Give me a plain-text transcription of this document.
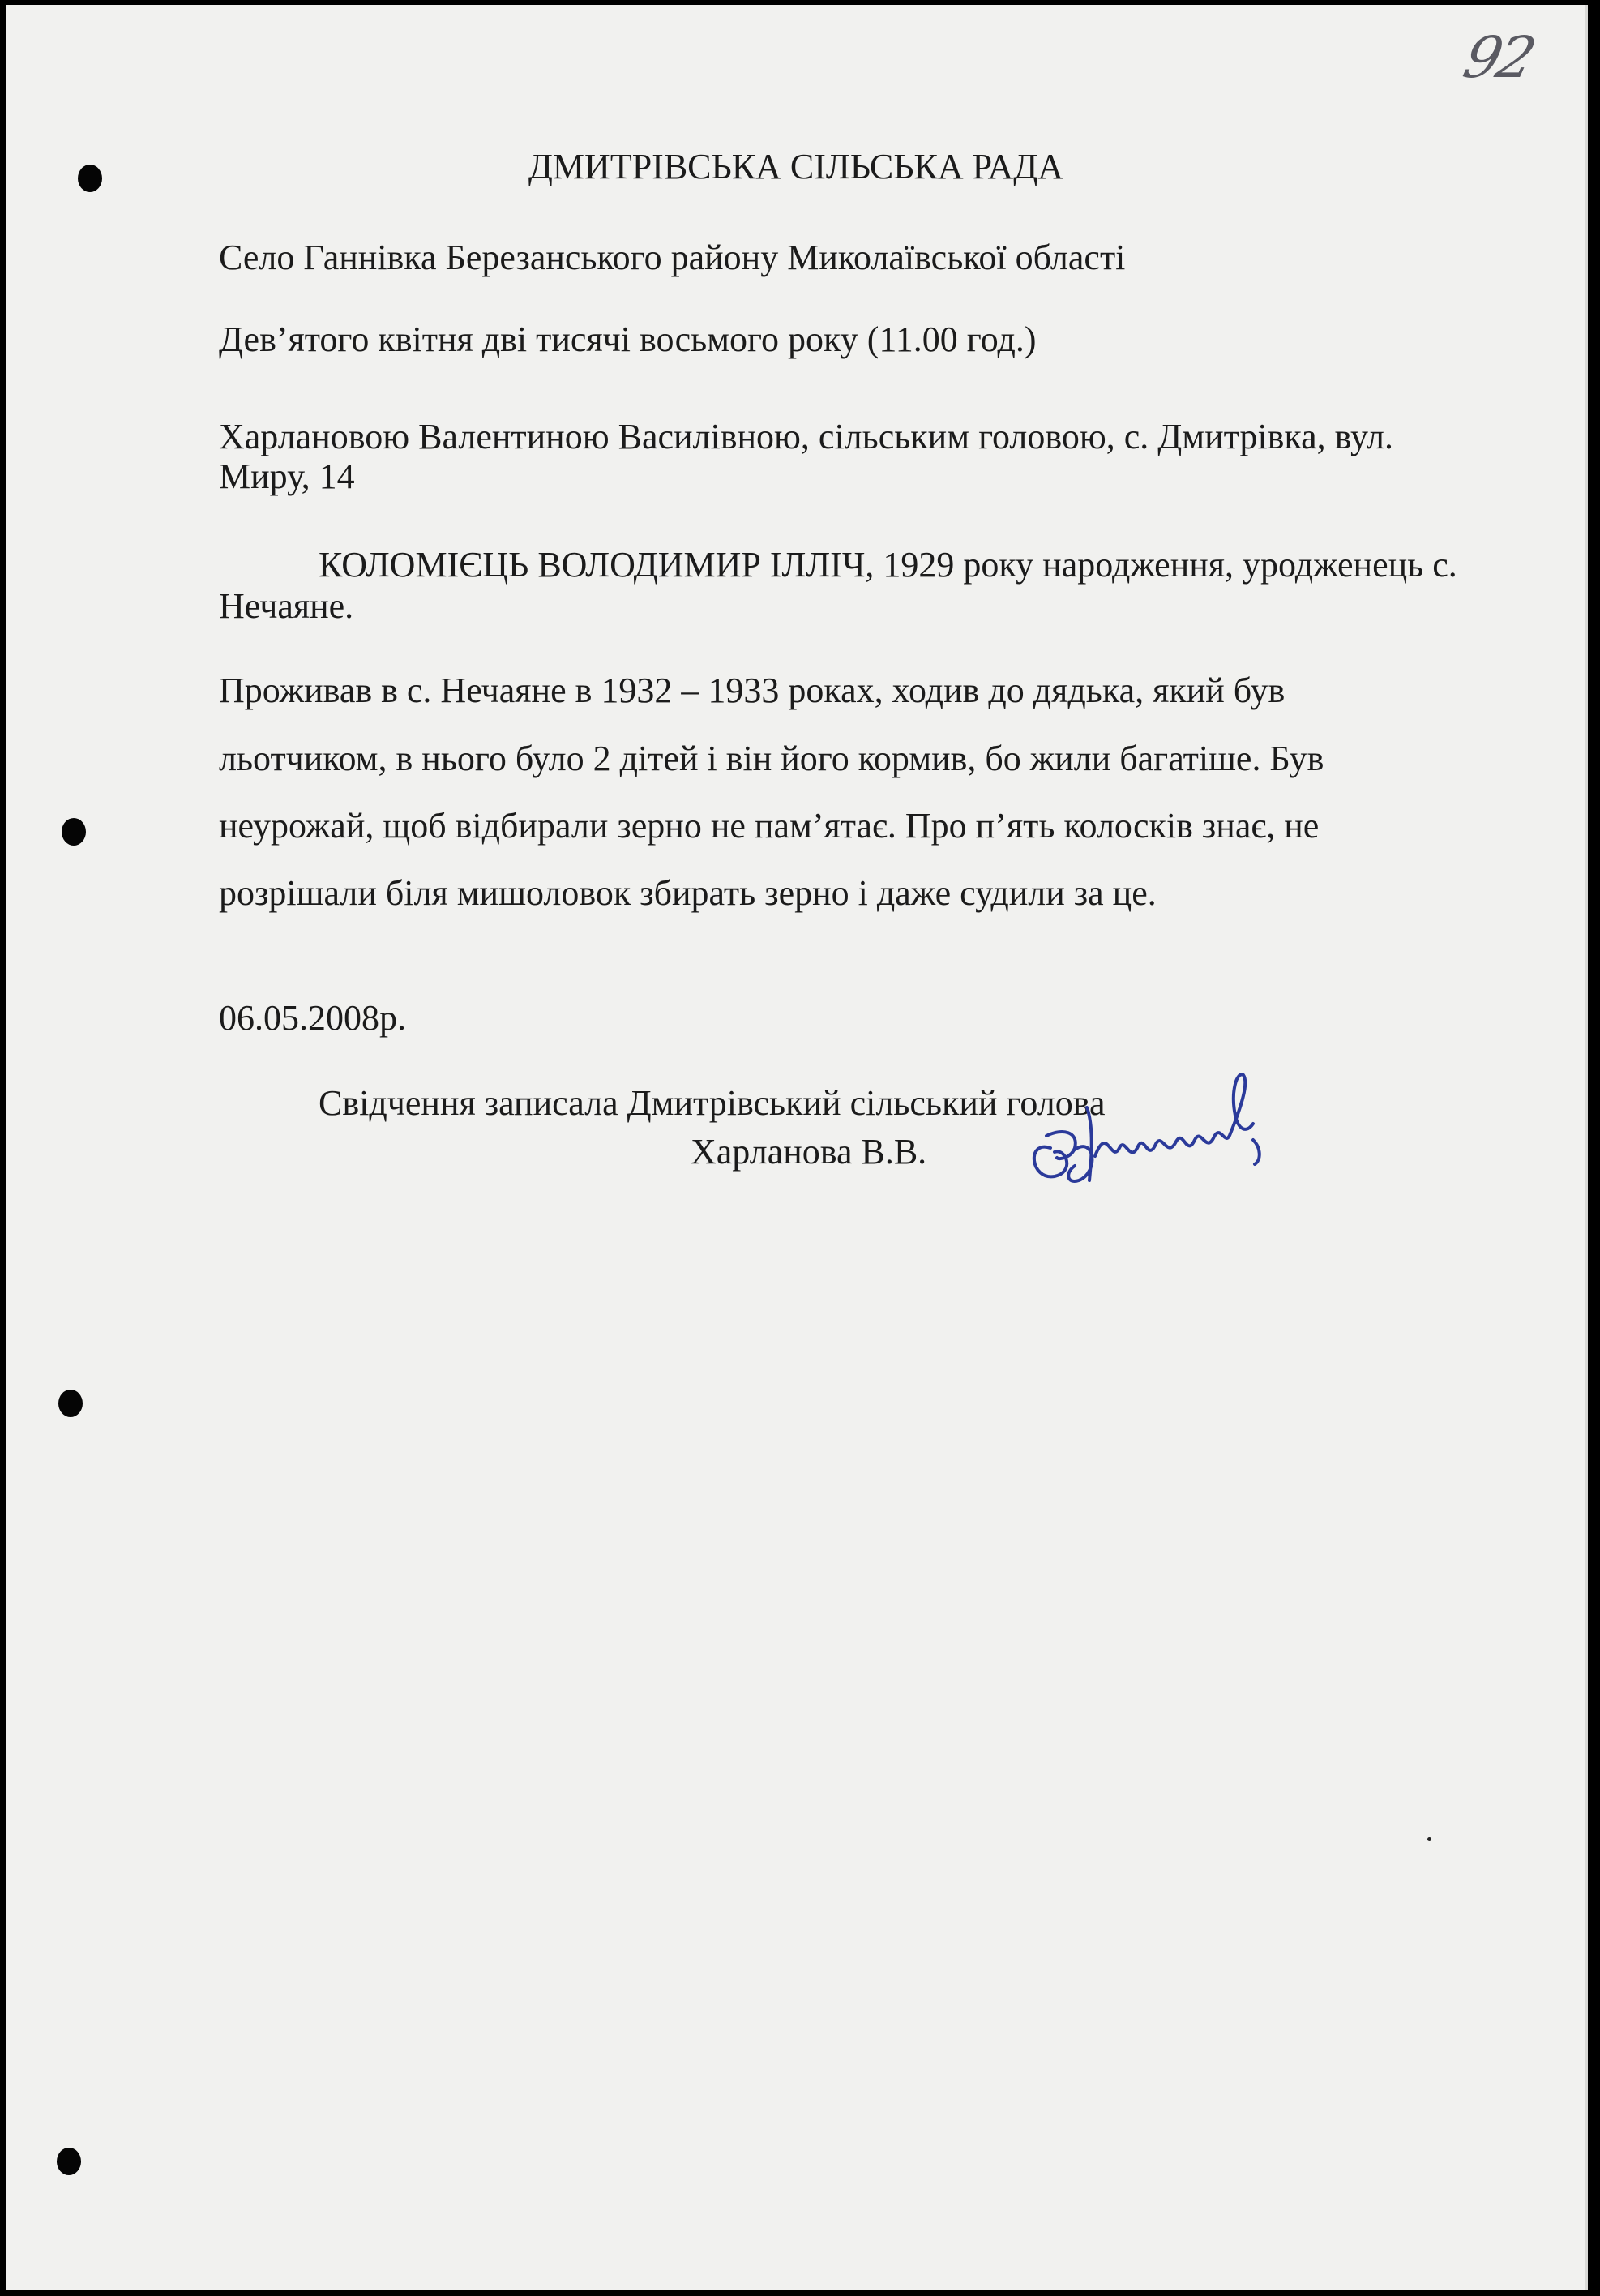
92
ДМИТРІВСЬКА СІЛЬСЬКА РАДА
Село Ганнівка Березанського району Миколаївської області
Дев’ятого квітня дві тисячі восьмого року (11.00 год.)
Харлановою Валентиною Василівною, сільським головою, с. Дмитрівка, вул.
Миру, 14
КОЛОМІЄЦЬ ВОЛОДИМИР ІЛЛІЧ, 1929 року народження, уродженець с.
Нечаяне.
Проживав в с. Нечаяне в 1932 – 1933 роках, ходив до дядька, який був
льотчиком, в нього було 2 дітей і він його кормив, бо жили багатіше. Був
неурожай, щоб відбирали зерно не пам’ятає. Про п’ять колосків знає, не
розрішали біля мишоловок збирать зерно і даже судили за це.
06.05.2008р.
Свідчення записала Дмитрівський сільський голова
Харланова В.В.
